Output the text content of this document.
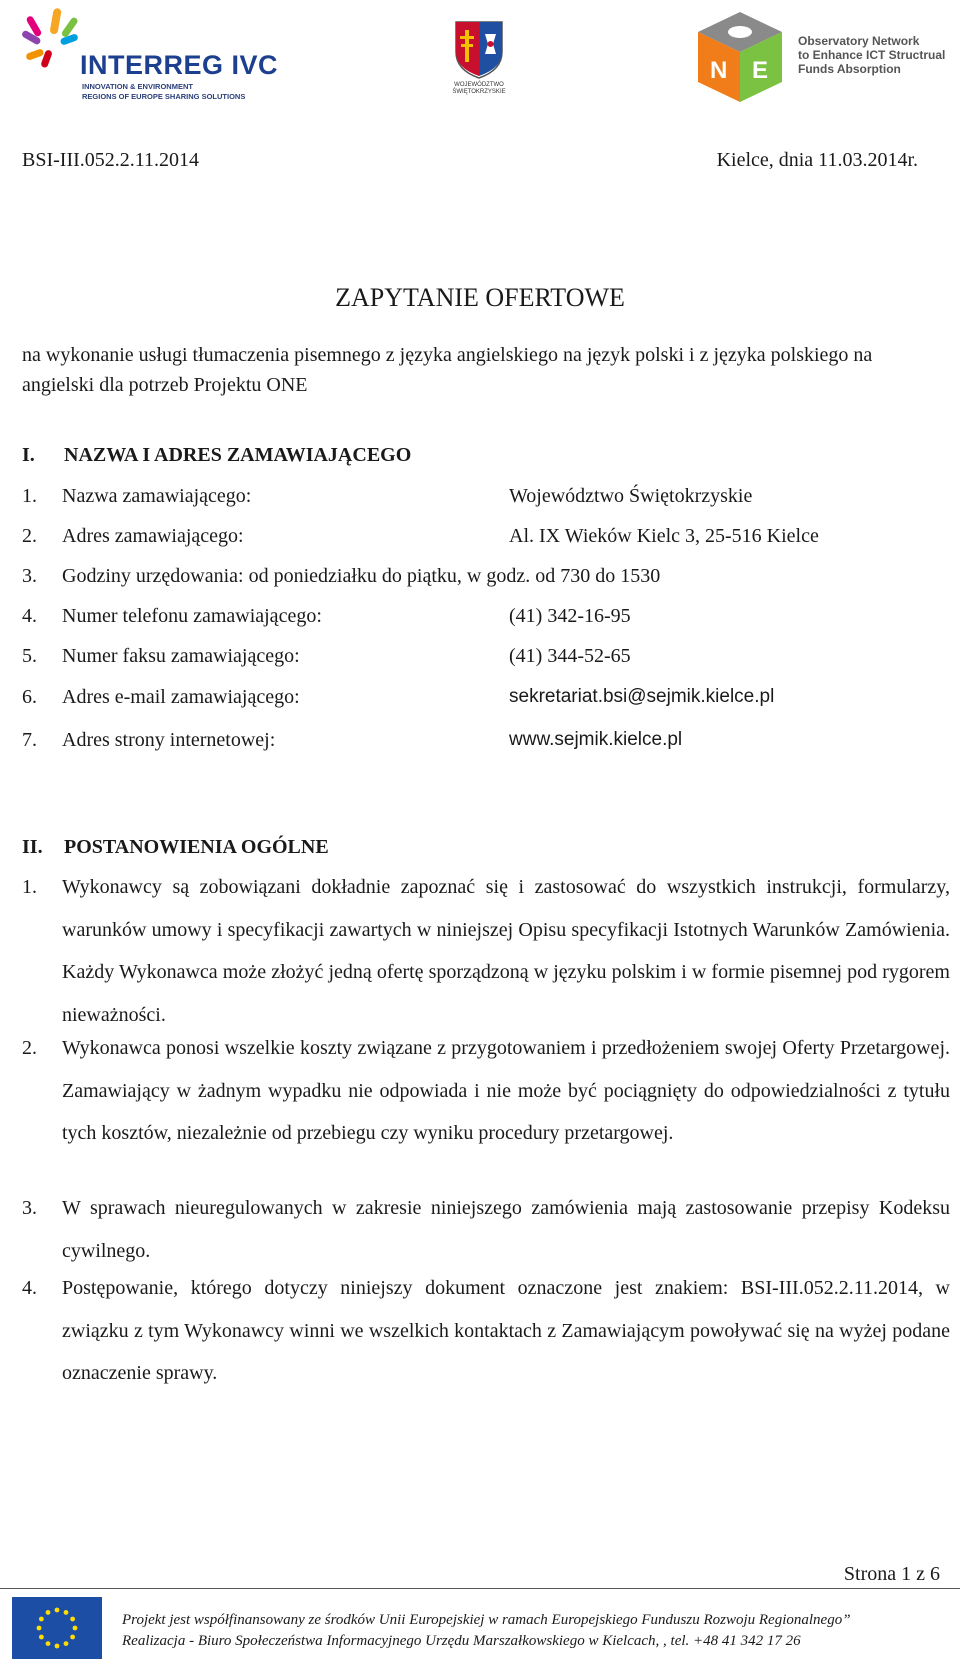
INTERREG IVC
INNOVATION & ENVIRONMENT
REGIONS OF EUROPE SHARING SOLUTIONS
WOJEWÓDZTWO
ŚWIĘTOKRZYSKIE
N E
Observatory Network
to Enhance ICT Structrual
Funds Absorption
BSI-III.052.2.11.2014	Kielce, dnia 11.03.2014r.
ZAPYTANIE OFERTOWE
na wykonanie usługi tłumaczenia pisemnego z języka angielskiego na język polski i z języka polskiego na angielski dla potrzeb Projektu ONE
I. NAZWA I ADRES ZAMAWIAJĄCEGO
1. Nazwa zamawiającego:	Województwo Świętokrzyskie
2. Adres zamawiającego:	Al. IX Wieków Kielc 3, 25-516 Kielce
3. Godziny urzędowania: od poniedziałku do piątku, w godz. od 730 do 1530
4. Numer telefonu zamawiającego:	(41) 342-16-95
5. Numer faksu zamawiającego:	(41) 344-52-65
6. Adres e-mail zamawiającego:	sekretariat.bsi@sejmik.kielce.pl
7. Adres strony internetowej:	www.sejmik.kielce.pl
II. POSTANOWIENIA OGÓLNE
1. Wykonawcy są zobowiązani dokładnie zapoznać się i zastosować do wszystkich instrukcji, formularzy, warunków umowy i specyfikacji zawartych w niniejszej Opisu specyfikacji Istotnych Warunków Zamówienia. Każdy Wykonawca może złożyć jedną ofertę sporządzoną w języku polskim i w formie pisemnej pod rygorem nieważności.
2. Wykonawca ponosi wszelkie koszty związane z przygotowaniem i przedłożeniem swojej Oferty Przetargowej. Zamawiający w żadnym wypadku nie odpowiada i nie może być pociągnięty do odpowiedzialności z tytułu tych kosztów, niezależnie od przebiegu czy wyniku procedury przetargowej.
3. W sprawach nieuregulowanych w zakresie niniejszego zamówienia mają zastosowanie przepisy Kodeksu cywilnego.
4. Postępowanie, którego dotyczy niniejszy dokument oznaczone jest znakiem: BSI-III.052.2.11.2014, w związku z tym Wykonawcy winni we wszelkich kontaktach z Zamawiającym powoływać się na wyżej podane oznaczenie sprawy.
Strona 1 z 6
Projekt jest współfinansowany ze środków Unii Europejskiej w ramach Europejskiego Funduszu Rozwoju Regionalnego”
Realizacja - Biuro Społeczeństwa Informacyjnego Urzędu Marszałkowskiego w Kielcach, , tel. +48 41 342 17 26
